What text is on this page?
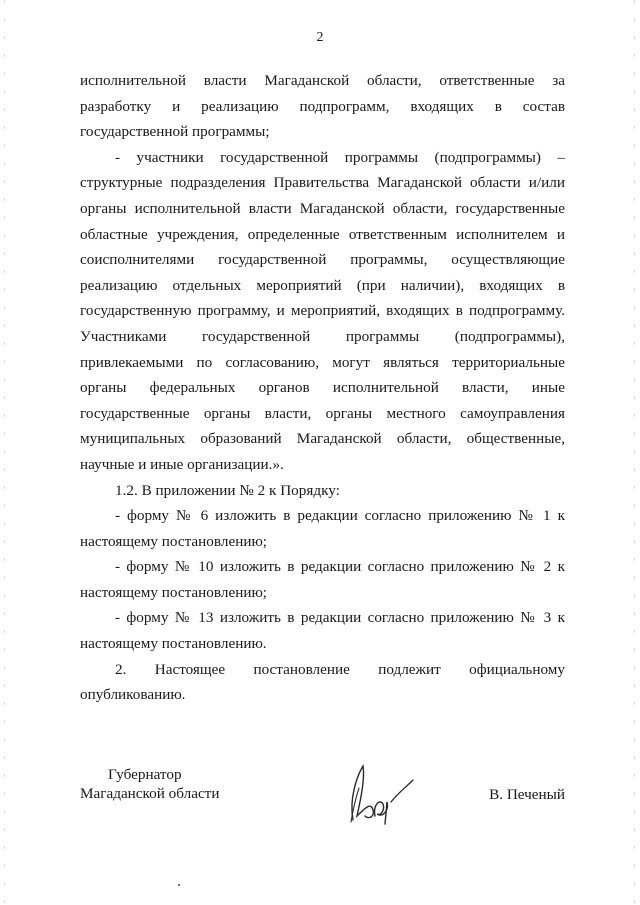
2

исполнительной власти Магаданской области, ответственные за разработку и реализацию подпрограмм, входящих в состав государственной программы;

- участники государственной программы (подпрограммы) – структурные подразделения Правительства Магаданской области и/или органы исполнительной власти Магаданской области, государственные областные учреждения, определенные ответственным исполнителем и соисполнителями государственной программы, осуществляющие реализацию отдельных мероприятий (при наличии), входящих в государственную программу, и мероприятий, входящих в подпрограмму. Участниками государственной программы (подпрограммы), привлекаемыми по согласованию, могут являться территориальные органы федеральных органов исполнительной власти, иные государственные органы власти, органы местного самоуправления муниципальных образований Магаданской области, общественные, научные и иные организации.».

1.2. В приложении № 2 к Порядку:

- форму № 6 изложить в редакции согласно приложению № 1 к настоящему постановлению;

- форму № 10 изложить в редакции согласно приложению № 2 к настоящему постановлению;

- форму № 13 изложить в редакции согласно приложению № 3 к настоящему постановлению.

2. Настоящее постановление подлежит официальному опубликованию.

Губернатор
Магаданской области	В. Печеный
